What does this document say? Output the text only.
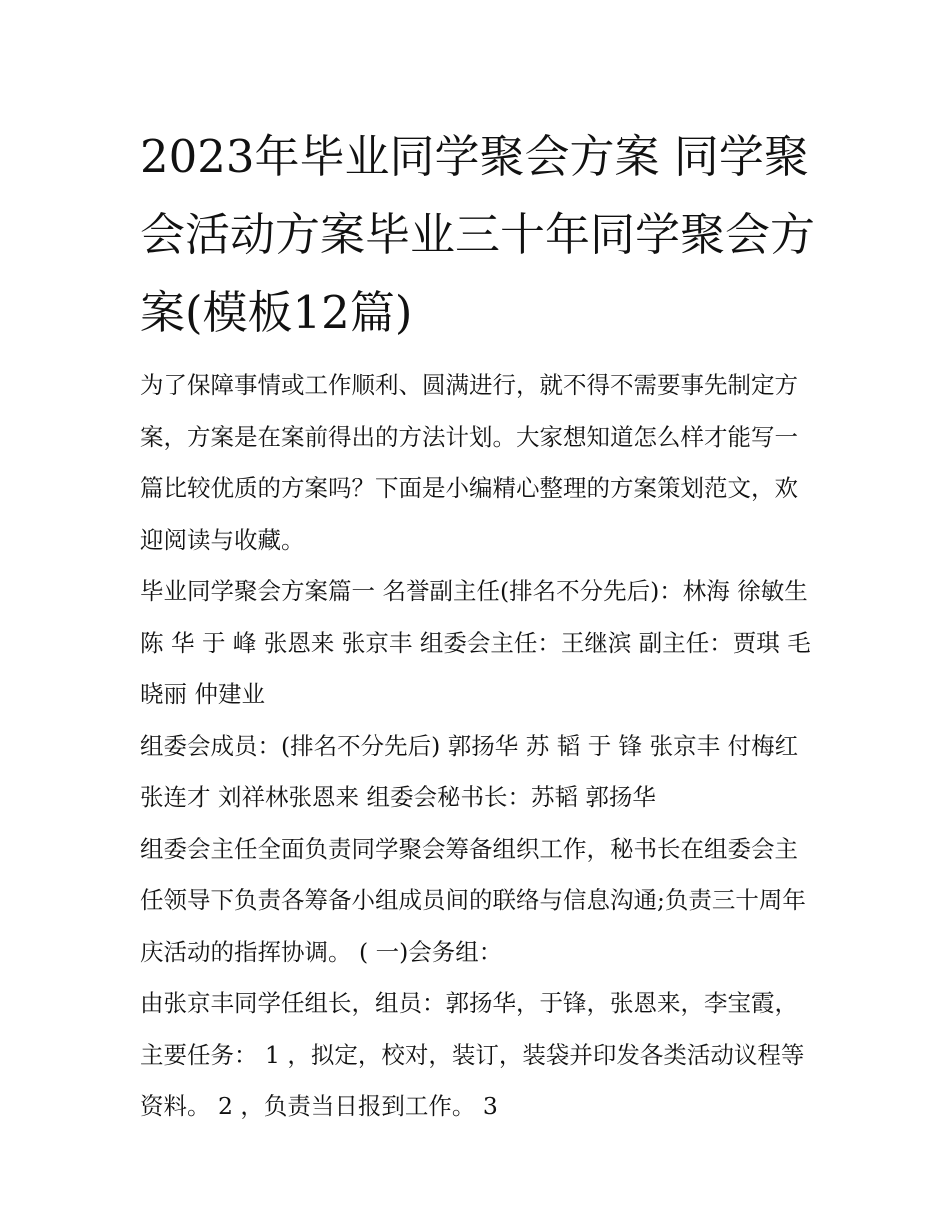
2023年毕业同学聚会方案 同学聚会活动方案毕业三十年同学聚会方案(模板12篇)

为了保障事情或工作顺利、圆满进行，就不得不需要事先制定方案，方案是在案前得出的方法计划。大家想知道怎么样才能写一篇比较优质的方案吗？下面是小编精心整理的方案策划范文，欢迎阅读与收藏。

毕业同学聚会方案篇一 名誉副主任(排名不分先后)：林海 徐敏生 陈 华 于 峰 张恩来 张京丰 组委会主任：王继滨 副主任：贾琪 毛晓丽 仲建业

组委会成员：(排名不分先后) 郭扬华 苏 韬 于 锋 张京丰 付梅红 张连才 刘祥林张恩来 组委会秘书长：苏韬 郭扬华

组委会主任全面负责同学聚会筹备组织工作，秘书长在组委会主任领导下负责各筹备小组成员间的联络与信息沟通;负责三十周年庆活动的指挥协调。 ( 一)会务组：

由张京丰同学任组长，组员：郭扬华，于锋，张恩来，李宝霞， 主要任务： 1 ，拟定，校对，装订，装袋并印发各类活动议程等资料。 2 ，负责当日报到工作。 3
